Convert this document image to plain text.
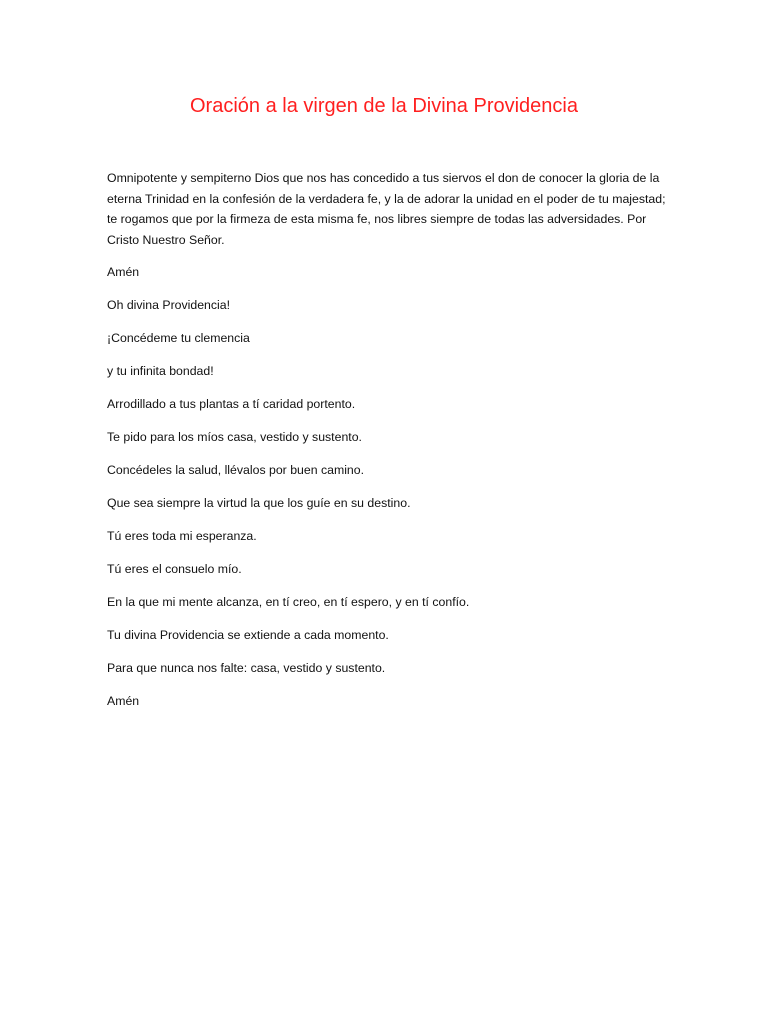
Oración a la virgen de la Divina Providencia

Omnipotente y sempiterno Dios que nos has concedido a tus siervos el don de conocer la gloria de la eterna Trinidad en la confesión de la verdadera fe, y la de adorar la unidad en el poder de tu majestad; te rogamos que por la firmeza de esta misma fe, nos libres siempre de todas las adversidades. Por Cristo Nuestro Señor.

Amén

Oh divina Providencia!

¡Concédeme tu clemencia

y tu infinita bondad!

Arrodillado a tus plantas a tí caridad portento.

Te pido para los míos casa, vestido y sustento.

Concédeles la salud, llévalos por buen camino.

Que sea siempre la virtud la que los guíe en su destino.

Tú eres toda mi esperanza.

Tú eres el consuelo mío.

En la que mi mente alcanza, en tí creo, en tí espero, y en tí confío.

Tu divina Providencia se extiende a cada momento.

Para que nunca nos falte: casa, vestido y sustento.

Amén
